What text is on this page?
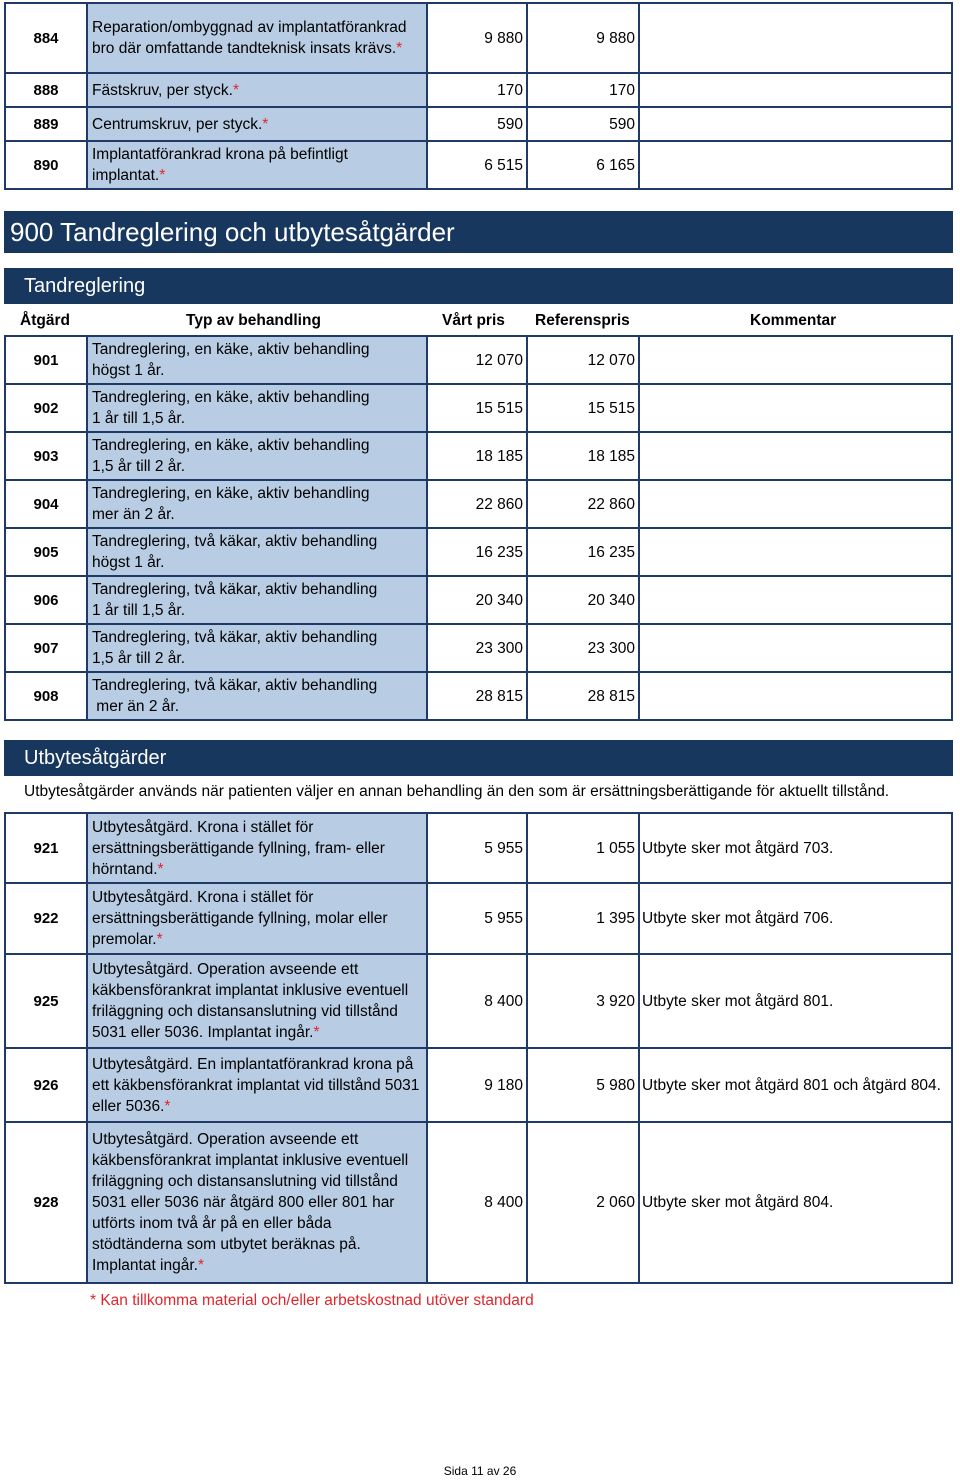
884	Reparation/ombyggnad av implantatförankrad bro där omfattande tandteknisk insats krävs.*	9 880	9 880	
888	Fästskruv, per styck.*	170	170	
889	Centrumskruv, per styck.*	590	590	
890	Implantatförankrad krona på befintligt implantat.*	6 515	6 165	
900 Tandreglering och utbytesåtgärder
Tandreglering
Åtgärd	Typ av behandling	Vårt pris Referenspris	Kommentar
901	Tandreglering, en käke, aktiv behandling
högst 1 år.	12 070	12 070	
902	Tandreglering, en käke, aktiv behandling
1 år till 1,5 år.	15 515	15 515	
903	Tandreglering, en käke, aktiv behandling
1,5 år till 2 år.	18 185	18 185	
904	Tandreglering, en käke, aktiv behandling
mer än 2 år.	22 860	22 860	
905	Tandreglering, två käkar, aktiv behandling
högst 1 år.	16 235	16 235	
906	Tandreglering, två käkar, aktiv behandling
1 år till 1,5 år.	20 340	20 340	
907	Tandreglering, två käkar, aktiv behandling
1,5 år till 2 år.	23 300	23 300	
908	Tandreglering, två käkar, aktiv behandling
mer än 2 år.	28 815	28 815	
Utbytesåtgärder
Utbytesåtgärder används när patienten väljer en annan behandling än den som är ersättningsberättigande för aktuellt tillstånd.
921	Utbytesåtgärd. Krona i stället för ersättningsberättigande fyllning, fram- eller hörntand.*	5 955	1 055	Utbyte sker mot åtgärd 703.
922	Utbytesåtgärd. Krona i stället för ersättningsberättigande fyllning, molar eller premolar.*	5 955	1 395	Utbyte sker mot åtgärd 706.
925	Utbytesåtgärd. Operation avseende ett käkbensförankrat implantat inklusive eventuell friläggning och distansanslutning vid tillstånd 5031 eller 5036. Implantat ingår.*	8 400	3 920	Utbyte sker mot åtgärd 801.
926	Utbytesåtgärd. En implantatförankrad krona på ett käkbensförankrat implantat vid tillstånd 5031 eller 5036.*	9 180	5 980	Utbyte sker mot åtgärd 801 och åtgärd 804.
928	Utbytesåtgärd. Operation avseende ett käkbensförankrat implantat inklusive eventuell friläggning och distansanslutning vid tillstånd 5031 eller 5036 när åtgärd 800 eller 801 har utförts inom två år på en eller båda stödtänderna som utbytet beräknas på. Implantat ingår.*	8 400	2 060	Utbyte sker mot åtgärd 804.
* Kan tillkomma material och/eller arbetskostnad utöver standard
Sida 11 av 26
